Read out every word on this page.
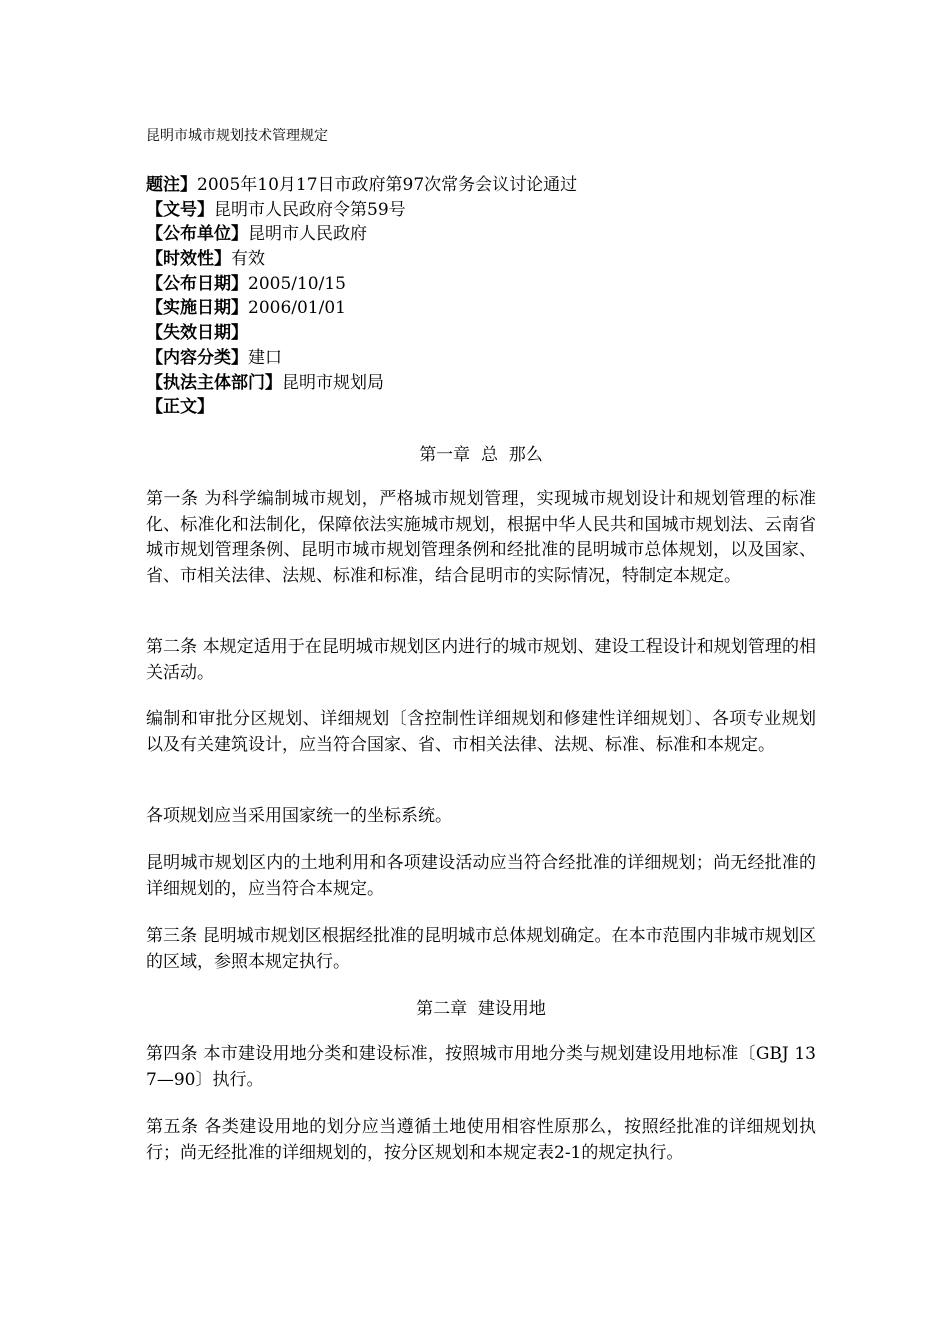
昆明市城市规划技术管理规定
题注】2005年10月17日市政府第97次常务会议讨论通过
【文号】昆明市人民政府令第59号
【公布单位】昆明市人民政府
【时效性】有效
【公布日期】2005/10/15
【实施日期】2006/01/01
【失效日期】
【内容分类】建口
【执法主体部门】昆明市规划局
【正文】
第一章  总  那么
第一条 为科学编制城市规划，严格城市规划管理，实现城市规划设计和规划管理的标准化、标准化和法制化，保障依法实施城市规划，根据中华人民共和国城市规划法、云南省城市规划管理条例、昆明市城市规划管理条例和经批准的昆明城市总体规划，以及国家、省、市相关法律、法规、标准和标准，结合昆明市的实际情况，特制定本规定。
第二条 本规定适用于在昆明城市规划区内进行的城市规划、建设工程设计和规划管理的相关活动。
编制和审批分区规划、详细规划〔含控制性详细规划和修建性详细规划〕、各项专业规划以及有关建筑设计，应当符合国家、省、市相关法律、法规、标准、标准和本规定。
各项规划应当采用国家统一的坐标系统。
昆明城市规划区内的土地利用和各项建设活动应当符合经批准的详细规划；尚无经批准的详细规划的，应当符合本规定。
第三条 昆明城市规划区根据经批准的昆明城市总体规划确定。在本市范围内非城市规划区的区域，参照本规定执行。
第二章  建设用地
第四条 本市建设用地分类和建设标准，按照城市用地分类与规划建设用地标准〔GBJ 137—90〕执行。
第五条 各类建设用地的划分应当遵循土地使用相容性原那么，按照经批准的详细规划执行；尚无经批准的详细规划的，按分区规划和本规定表2-1的规定执行。
